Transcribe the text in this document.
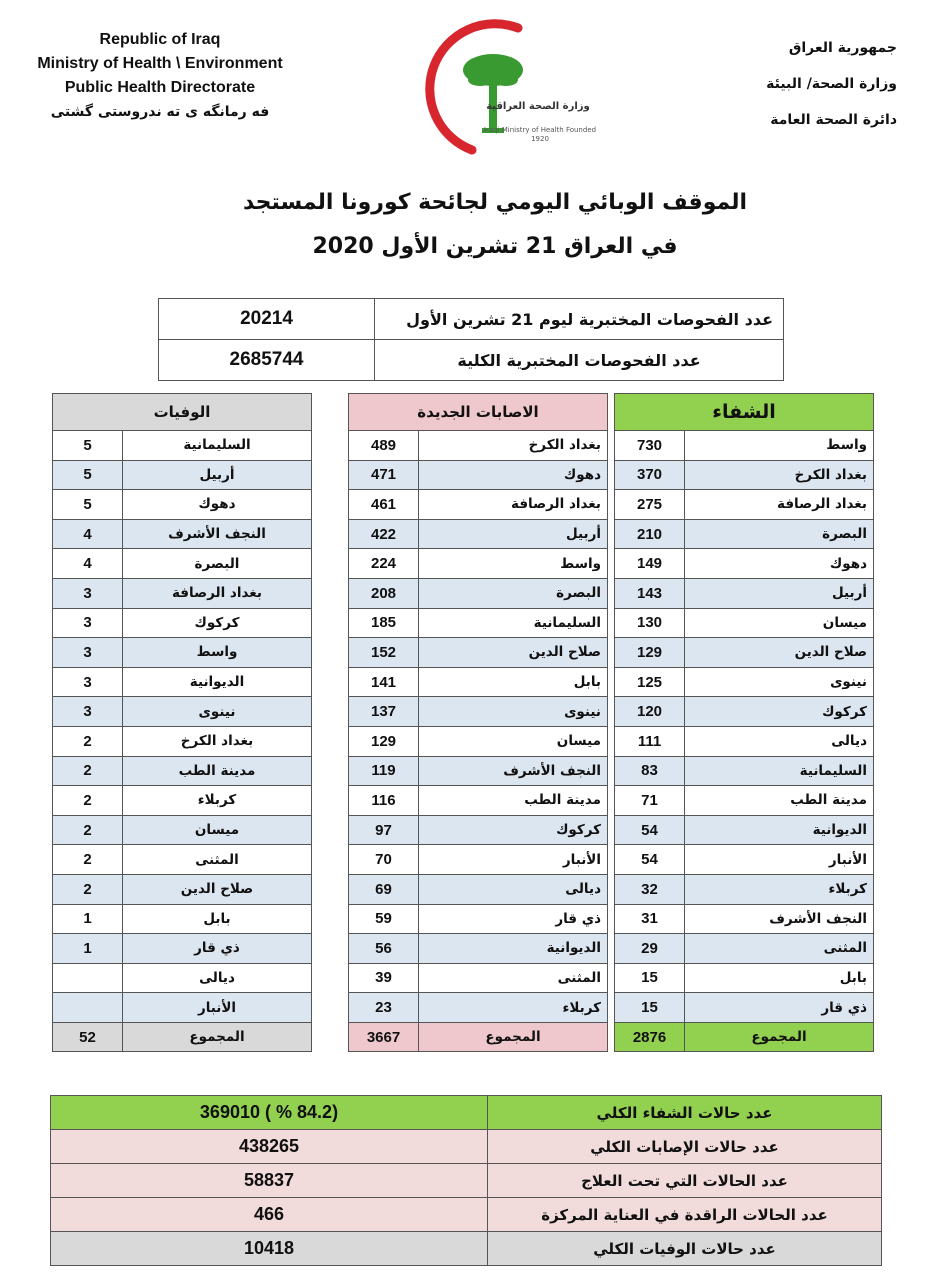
Republic of Iraq
Ministry of Health \ Environment
Public Health Directorate
فه رمانگه ى ته ندروستى گشتى	وزارة الصحة العراقية
Iraqi Ministry of Health Founded 1920
جمهورية العراق
وزارة الصحة/ البيئة
دائرة الصحة العامة
الموقف الوبائي اليومي لجائحة كورونا المستجد
في العراق 21 تشرين الأول 2020
عدد الفحوصات المختبرية ليوم 21 تشرين الأول	20214
عدد الفحوصات المختبرية الكلية	2685744
الشفاء	
واسط	730
بغداد الكرخ	370
بغداد الرصافة	275
البصرة	210
دهوك	149
أربيل	143
ميسان	130
صلاح الدين	129
نينوى	125
كركوك	120
ديالى	111
السليمانية	83
مدينة الطب	71
الديوانية	54
الأنبار	54
كربلاء	32
النجف الأشرف	31
المثنى	29
بابل	15
ذي قار	15
المجموع	2876
الاصابات الجديدة	
بغداد الكرخ	489
دهوك	471
بغداد الرصافة	461
أربيل	422
واسط	224
البصرة	208
السليمانية	185
صلاح الدين	152
بابل	141
نينوى	137
ميسان	129
النجف الأشرف	119
مدينة الطب	116
كركوك	97
الأنبار	70
ديالى	69
ذي قار	59
الديوانية	56
المثنى	39
كربلاء	23
المجموع	3667
الوفيات	
السليمانية	5
أربيل	5
دهوك	5
النجف الأشرف	4
البصرة	4
بغداد الرصافة	3
كركوك	3
واسط	3
الديوانية	3
نينوى	3
بغداد الكرخ	2
مدينة الطب	2
كربلاء	2
ميسان	2
المثنى	2
صلاح الدين	2
بابل	1
ذي قار	1
ديالى	
الأنبار	
المجموع	52
عدد حالات الشفاء الكلي	(84.2 % ) 369010
عدد حالات الإصابات الكلي	438265
عدد الحالات التي تحت العلاج	58837
عدد الحالات الراقدة في العناية المركزة	466
عدد حالات الوفيات الكلي	10418
